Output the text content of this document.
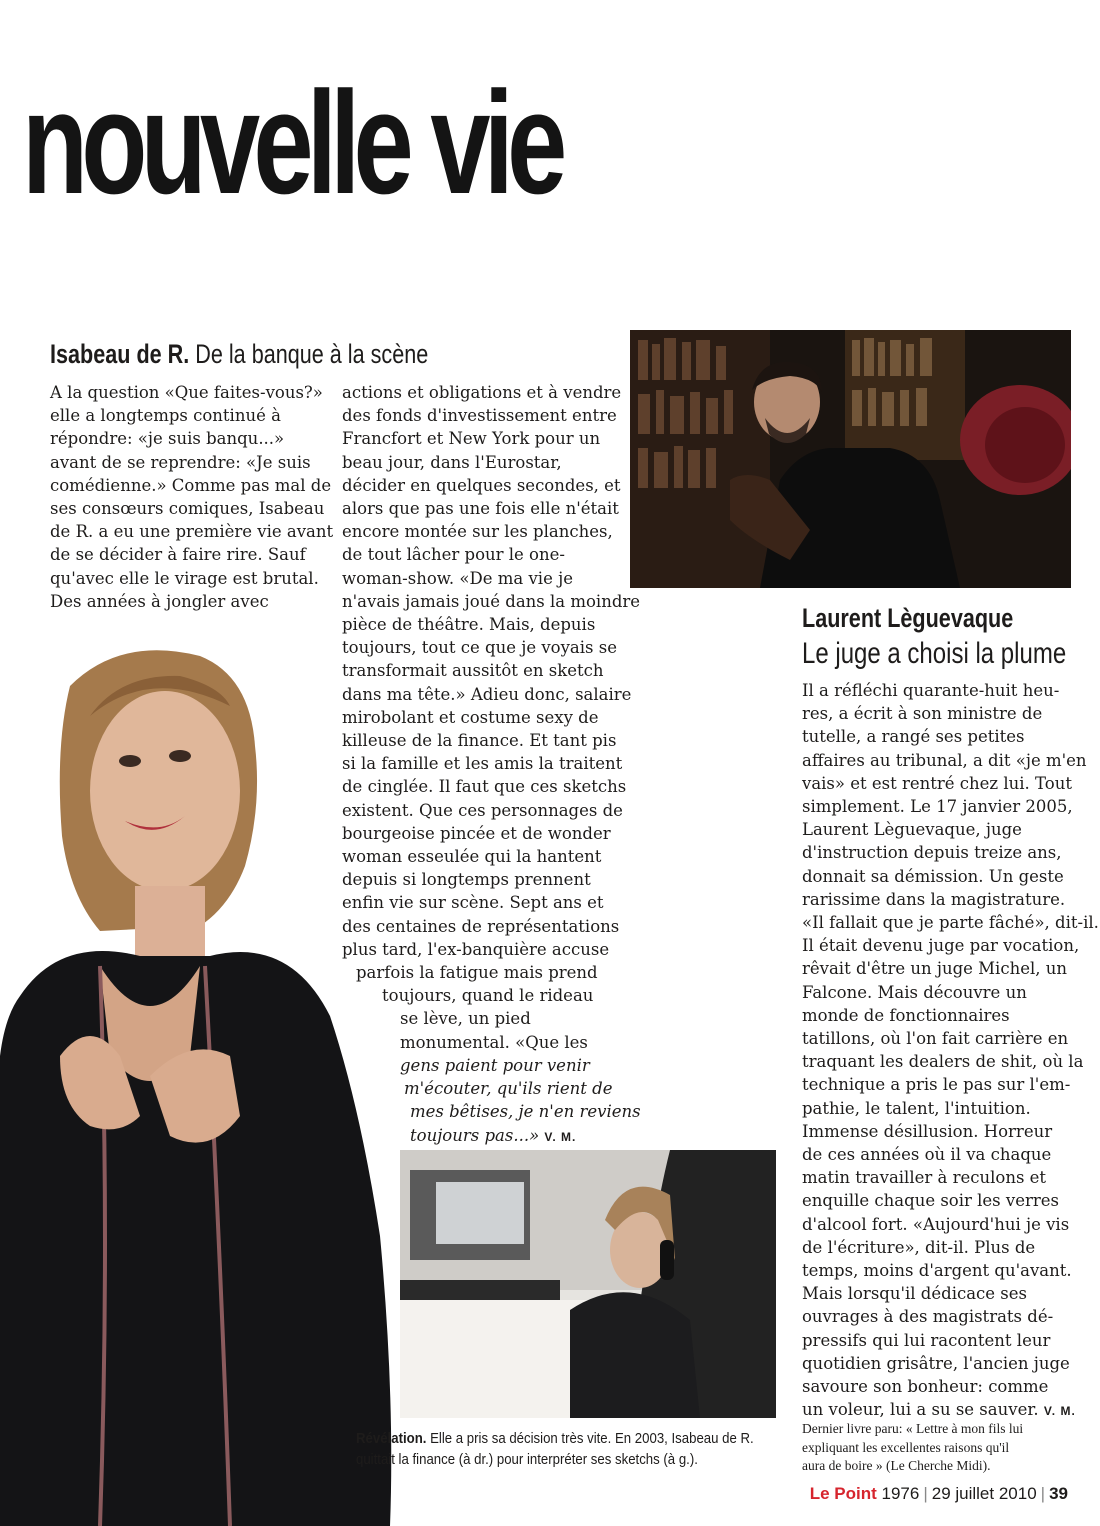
nouvelle vie
Isabeau de R. De la banque à la scène

A la question «Que faites-vous?»

elle a longtemps continué à

répondre: «je suis banqu...»

avant de se reprendre: «Je suis

comédienne.» Comme pas mal de

ses consœurs comiques, Isabeau

de R. a eu une première vie avant

de se décider à faire rire. Sauf

qu'avec elle le virage est brutal.

Des années à jongler avec

actions et obligations et à vendre

des fonds d'investissement entre

Francfort et New York pour un

beau jour, dans l'Eurostar,

décider en quelques secondes, et

alors que pas une fois elle n'était

encore montée sur les planches,

de tout lâcher pour le one-

woman-show. «De ma vie je

n'avais jamais joué dans la moindre

pièce de théâtre. Mais, depuis

toujours, tout ce que je voyais se

transformait aussitôt en sketch

dans ma tête.» Adieu donc, salaire

mirobolant et costume sexy de

killeuse de la finance. Et tant pis

si la famille et les amis la traitent

de cinglée. Il faut que ces sketchs

existent. Que ces personnages de

bourgeoise pincée et de wonder

woman esseulée qui la hantent

depuis si longtemps prennent

enfin vie sur scène. Sept ans et

des centaines de représentations

plus tard, l'ex-banquière accuse

parfois la fatigue mais prend

toujours, quand le rideau

se lève, un pied

monumental. «Que les

gens paient pour venir

m'écouter, qu'ils rient de

mes bêtises, je n'en reviens

toujours pas...» V. M.

Révélation. Elle a pris sa décision très vite. En 2003, Isabeau de R.
quittait la finance (à dr.) pour interpréter ses sketchs (à g.).
Laurent Lèguevaque
Le juge a choisi la plume

Il a réfléchi quarante-huit heu-

res, a écrit à son ministre de

tutelle, a rangé ses petites

affaires au tribunal, a dit «je m'en

vais» et est rentré chez lui. Tout

simplement. Le 17 janvier 2005,

Laurent Lèguevaque, juge

d'instruction depuis treize ans,

donnait sa démission. Un geste

rarissime dans la magistrature.

«Il fallait que je parte fâché», dit-il.

Il était devenu juge par vocation,

rêvait d'être un juge Michel, un

Falcone. Mais découvre un

monde de fonctionnaires

tatillons, où l'on fait carrière en

traquant les dealers de shit, où la

technique a pris le pas sur l'em-

pathie, le talent, l'intuition.

Immense désillusion. Horreur

de ces années où il va chaque

matin travailler à reculons et

enquille chaque soir les verres

d'alcool fort. «Aujourd'hui je vis

de l'écriture», dit-il. Plus de

temps, moins d'argent qu'avant.

Mais lorsqu'il dédicace ses

ouvrages à des magistrats dé-

pressifs qui lui racontent leur

quotidien grisâtre, l'ancien juge

savoure son bonheur: comme

un voleur, lui a su se sauver. V. M.

Dernier livre paru: « Lettre à mon fils lui

expliquant les excellentes raisons qu'il

aura de boire » (Le Cherche Midi).

Le Point 1976 | 29 juillet 2010 | 39
